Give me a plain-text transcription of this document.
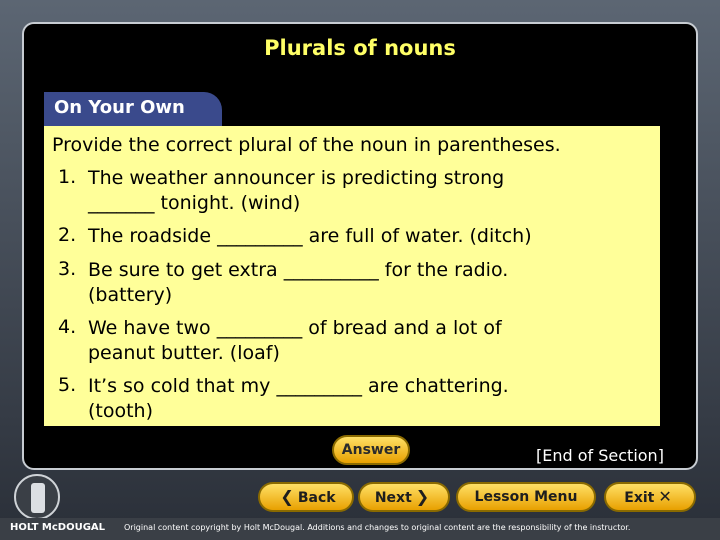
Plurals of nouns
On Your Own
Provide the correct plural of the noun in parentheses.
1. The weather announcer is predicting strong
_______ tonight. (wind)
2. The roadside _________ are full of water. (ditch)
3. Be sure to get extra __________ for the radio.
(battery)
4. We have two _________ of bread and a lot of
peanut butter. (loaf)
5. It’s so cold that my _________ are chattering.
(tooth)
Answer	[End of Section]
❮ Back	Next ❯	Lesson Menu	Exit ✕
HOLT McDOUGAL Original content copyright by Holt McDougal. Additions and changes to original content are the responsibility of the instructor.
